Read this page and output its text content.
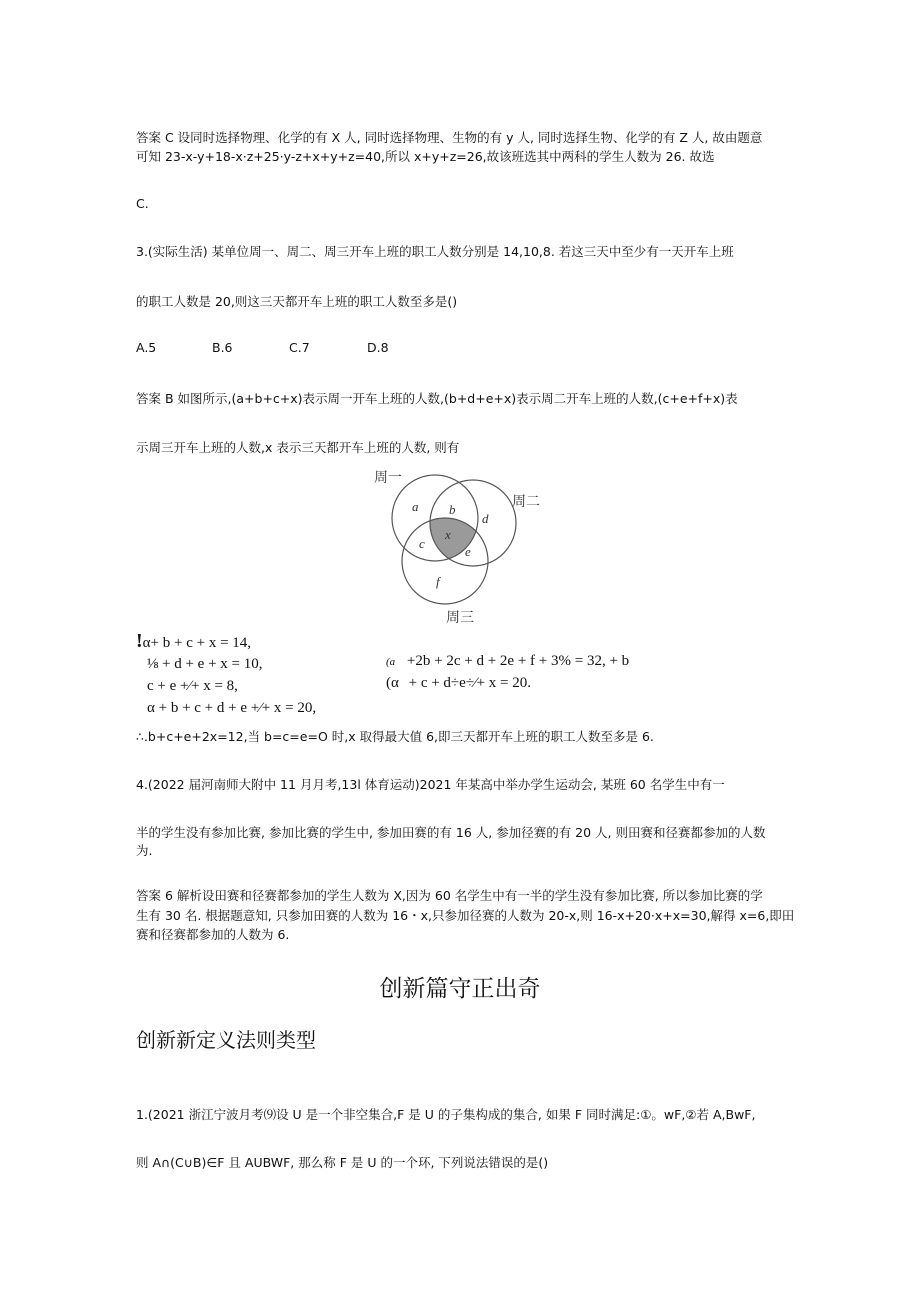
答案 C 设同时选择物理、化学的有 X 人, 同时选择物理、生物的有 y 人, 同时选择生物、化学的有 Z 人, 故由题意

可知 23-x-y+18-x·z+25·y-z+x+y+z=40,所以 x+y+z=26,故该班选其中两科的学生人数为 26. 故选

C.

3.(实际生活) 某单位周一、周二、周三开车上班的职工人数分别是 14,10,8. 若这三天中至少有一天开车上班

的职工人数是 20,则这三天都开车上班的职工人数至多是()

A.5	B.6	C.7	D.8

答案 B 如图所示,(a+b+c+x)表示周一开车上班的人数,(b+d+e+x)表示周二开车上班的人数,(c+e+f+x)表

示周三开车上班的人数,x 表示三天都开车上班的人数, 则有

周一
周二
周三
a b
d
c
x
e
f
!α+ b + c + x = 14,
⅛ + d + e + x = 10,
c + e +⁄+ x = 8,
α + b + c + d + e +⁄+ x = 20,
(a +2b + 2c + d + 2e + f + 3% = 32, + b
(α + c + d÷e÷⁄+ x = 20.

∴.b+c+e+2x=12,当 b=c=e=O 时,x 取得最大值 6,即三天都开车上班的职工人数至多是 6.

4.(2022 届河南师大附中 11 月月考,13l 体育运动)2021 年某高中举办学生运动会, 某班 60 名学生中有一

半的学生没有参加比赛, 参加比赛的学生中, 参加田赛的有 16 人, 参加径赛的有 20 人, 则田赛和径赛都参加的人数

为.

答案 6 解析设田赛和径赛都参加的学生人数为 X,因为 60 名学生中有一半的学生没有参加比赛, 所以参加比赛的学

生有 30 名. 根据题意知, 只参加田赛的人数为 16・x,只参加径赛的人数为 20-x,则 16-x+20·x+x=30,解得 x=6,即田

赛和径赛都参加的人数为 6.

创新篇守正出奇
创新新定义法则类型

1.(2021 浙江宁波月考⑼设 U 是一个非空集合,F 是 U 的子集构成的集合, 如果 F 同时满足:①。wF,②若 A,BwF,

则 A∩(C∪B)∈F 且 AUBWF, 那么称 F 是 U 的一个环, 下列说法错误的是()
